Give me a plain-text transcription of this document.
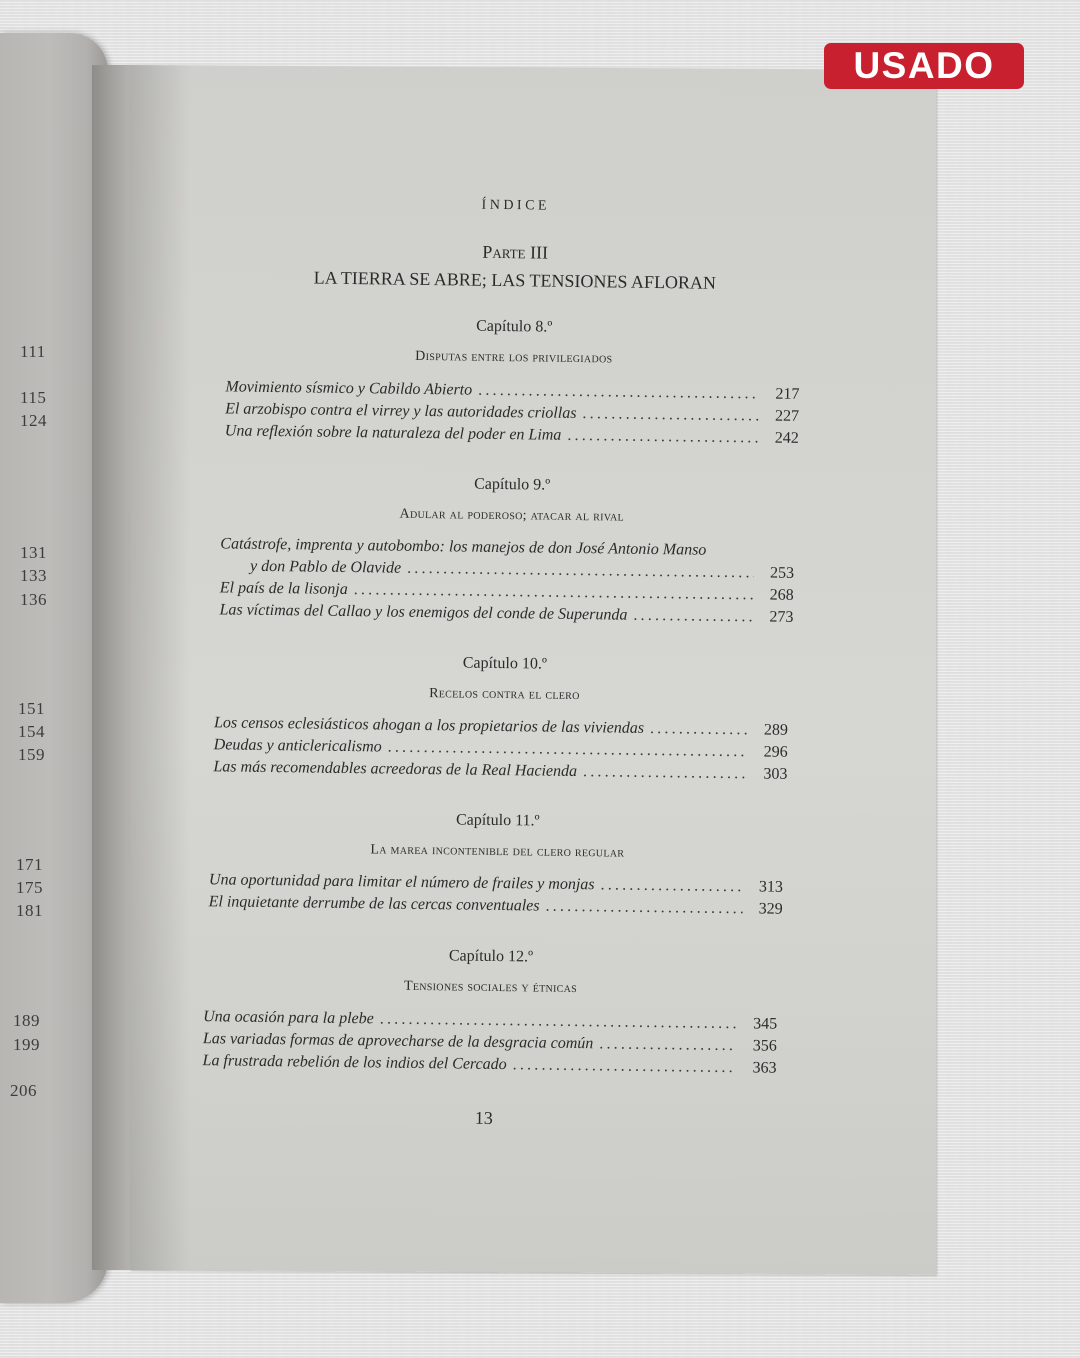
111
115
124
131
133
136
151
154
159
171
175
181
189
199
206
USADO
ÍNDICE
Parte III
LA TIERRA SE ABRE; LAS TENSIONES AFLORAN
Capítulo 8.º
Disputas entre los privilegiados
Movimiento sísmico y Cabildo Abierto .....	217
El arzobispo contra el virrey y las autoridades criollas .....	227
Una reflexión sobre la naturaleza del poder en Lima .....	242
Capítulo 9.º
Adular al poderoso; atacar al rival
Catástrofe, imprenta y autobombo: los manejos de don José Antonio Manso
y don Pablo de Olavide .....	253
El país de la lisonja .....	268
Las víctimas del Callao y los enemigos del conde de Superunda .....	273
Capítulo 10.º
Recelos contra el clero
Los censos eclesiásticos ahogan a los propietarios de las viviendas .....	289
Deudas y anticlericalismo .....	296
Las más recomendables acreedoras de la Real Hacienda .....	303
Capítulo 11.º
La marea incontenible del clero regular
Una oportunidad para limitar el número de frailes y monjas .....	313
El inquietante derrumbe de las cercas conventuales .....	329
Capítulo 12.º
Tensiones sociales y étnicas
Una ocasión para la plebe .....	345
Las variadas formas de aprovecharse de la desgracia común .....	356
La frustrada rebelión de los indios del Cercado .....	363
13
